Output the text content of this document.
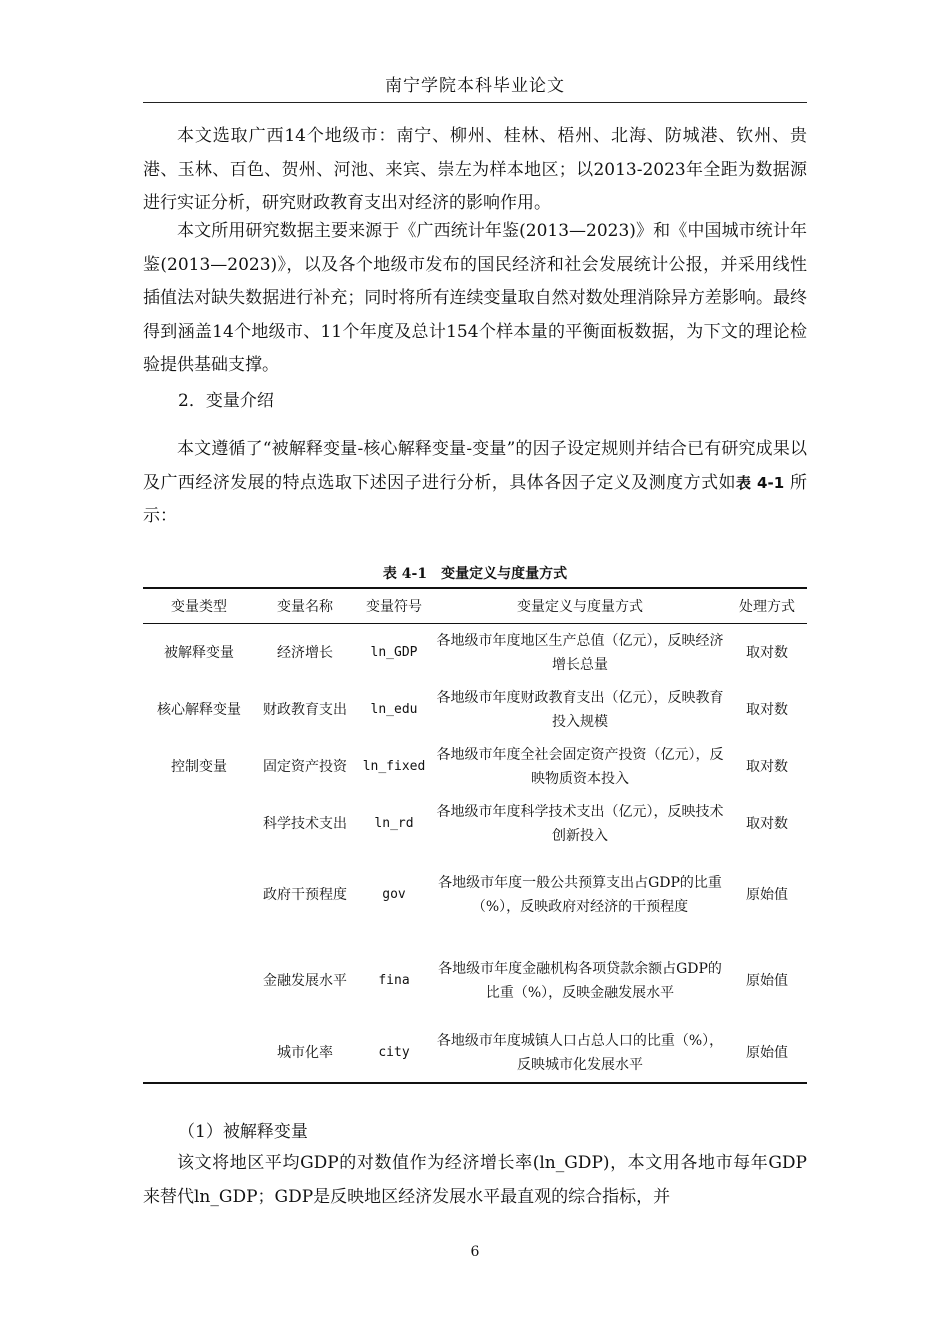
南宁学院本科毕业论文

本文选取广西14个地级市：南宁、柳州、桂林、梧州、北海、防城港、钦州、贵港、玉林、百色、贺州、河池、来宾、崇左为样本地区；以2013-2023年全距为数据源进行实证分析，研究财政教育支出对经济的影响作用。

本文所用研究数据主要来源于《广西统计年鉴(2013—2023)》和《中国城市统计年鉴(2013—2023)》，以及各个地级市发布的国民经济和社会发展统计公报，并采用线性插值法对缺失数据进行补充；同时将所有连续变量取自然对数处理消除异方差影响。最终得到涵盖14个地级市、11个年度及总计154个样本量的平衡面板数据，为下文的理论检验提供基础支撑。

2．变量介绍

本文遵循了“被解释变量-核心解释变量-变量”的因子设定规则并结合已有研究成果以及广西经济发展的特点选取下述因子进行分析，具体各因子定义及测度方式如表 4-1 所示：

表 4-1　变量定义与度量方式
变量类型	变量名称	变量符号	变量定义与度量方式	处理方式
被解释变量	经济增长	ln_GDP	各地级市年度地区生产总值（亿元），反映经济增长总量	取对数
核心解释变量	财政教育支出	ln_edu	各地级市年度财政教育支出（亿元），反映教育投入规模	取对数
控制变量	固定资产投资	ln_fixed	各地级市年度全社会固定资产投资（亿元），反映物质资本投入	取对数
	科学技术支出	ln_rd	各地级市年度科学技术支出（亿元），反映技术创新投入	取对数
	政府干预程度	gov	各地级市年度一般公共预算支出占GDP的比重（%），反映政府对经济的干预程度	原始值
	金融发展水平	fina	各地级市年度金融机构各项贷款余额占GDP的比重（%），反映金融发展水平	原始值
	城市化率	city	各地级市年度城镇人口占总人口的比重（%），反映城市化发展水平	原始值

（1）被解释变量

该文将地区平均GDP的对数值作为经济增长率(ln_GDP)，本文用各地市每年GDP来替代ln_GDP；GDP是反映地区经济发展水平最直观的综合指标，并

6
